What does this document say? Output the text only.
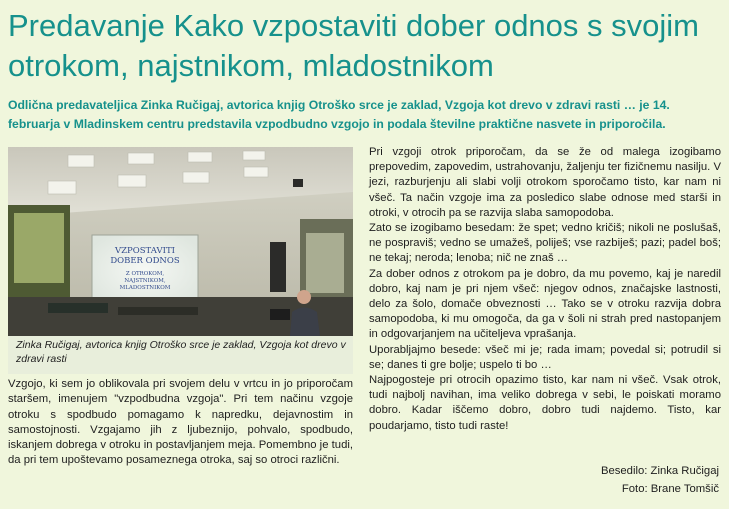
Predavanje Kako vzpostaviti dober odnos s svojim otrokom, najstnikom, mladostnikom
Odlična predavateljica Zinka Ručigaj, avtorica knjig Otroško srce je zaklad, Vzgoja kot drevo v zdravi rasti … je 14. februarja v Mladinskem centru predstavila vzpodbudno vzgojo in podala številne praktične nasvete in priporočila.
VZPOSTAVITI
DOBER ODNOS
Z OTROKOM,
NAJSTNIKOM,
MLADOSTNIKOM
Zinka Ručigaj, avtorica knjig Otroško srce je zaklad, Vzgoja kot drevo v zdravi rasti

Vzgojo, ki sem jo oblikovala pri svojem delu v vrtcu in jo priporočam staršem, imenujem "vzpodbudna vzgoja". Pri tem načinu vzgoje otroku s spodbudo pomagamo k napredku, dejavnostim in samostojnosti. Vzgajamo jih z ljubeznijo, pohvalo, spodbudo, iskanjem dobrega v otroku in postavljanjem meja. Pomembno je tudi, da pri tem upoštevamo posameznega otroka, saj so otroci različni.

Pri vzgoji otrok priporočam, da se že od malega izogibamo prepovedim, zapovedim, ustrahovanju, žaljenju ter fizičnemu nasilju. V jezi, razburjenju ali slabi volji otrokom sporočamo tisto, kar nam ni všeč. Ta način vzgoje ima za posledico slabe odnose med starši in otroki, v otrocih pa se razvija slaba samopodoba.

Zato se izogibamo besedam: že spet; vedno kričiš; nikoli ne poslušaš, ne pospraviš; vedno se umažeš, poliješ; vse razbiješ; pazi; padel boš; ne tekaj; neroda; lenoba; nič ne znaš …

Za dober odnos z otrokom pa je dobro, da mu povemo, kaj je naredil dobro, kaj nam je pri njem všeč: njegov odnos, značajske lastnosti, delo za šolo, domače obveznosti … Tako se v otroku razvija dobra samopodoba, ki mu omogoča, da ga v šoli ni strah pred nastopanjem in odgovarjanjem na učiteljeva vprašanja.

Uporabljajmo besede: všeč mi je; rada imam; povedal si; potrudil si se; danes ti gre bolje; uspelo ti bo …

Najpogosteje pri otrocih opazimo tisto, kar nam ni všeč. Vsak otrok, tudi najbolj navihan, ima veliko dobrega v sebi, le poiskati moramo dobro. Kadar iščemo dobro, dobro tudi najdemo. Tisto, kar poudarjamo, tisto tudi raste!

Besedilo: Zinka Ručigaj
Foto: Brane Tomšič
